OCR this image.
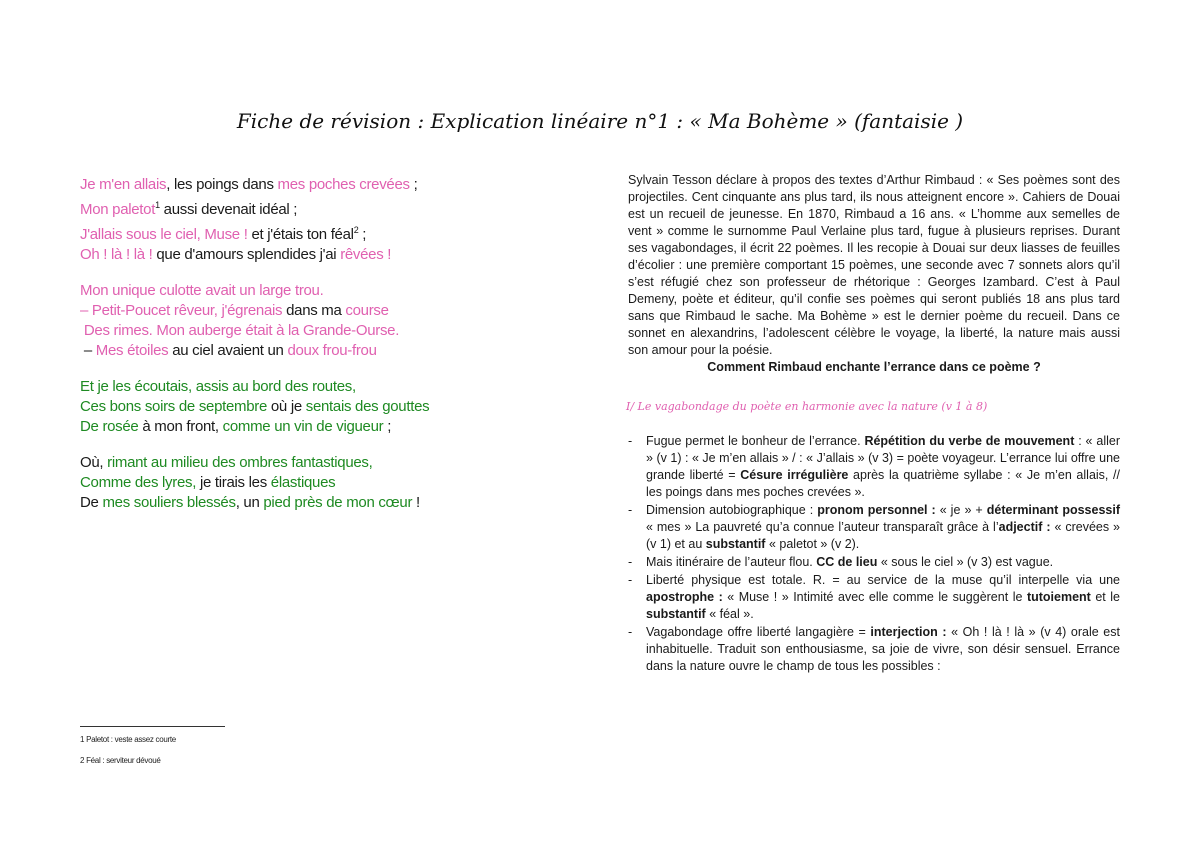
Fiche de révision : Explication linéaire n°1 : « Ma Bohème » (fantaisie )
Je m'en allais, les poings dans mes poches crevées ;
Mon paletot$^1$ aussi devenait idéal ;
J'allais sous le ciel, Muse ! et j'étais ton féal$^2$ ;
Oh ! là ! là ! que d'amours splendides j'ai rêvées !
Mon unique culotte avait un large trou.
– Petit-Poucet rêveur, j'égrenais dans ma course
Des rimes. Mon auberge était à la Grande-Ourse.
– Mes étoiles au ciel avaient un doux frou-frou
Et je les écoutais, assis au bord des routes,
Ces bons soirs de septembre où je sentais des gouttes
De rosée à mon front, comme un vin de vigueur ;
Où, rimant au milieu des ombres fantastiques,
Comme des lyres, je tirais les élastiques
De mes souliers blessés, un pied près de mon cœur !
1 Paletot : veste assez courte
2 Féal : serviteur dévoué

Sylvain Tesson déclare à propos des textes d’Arthur Rimbaud : « Ses poèmes sont des projectiles. Cent cinquante ans plus tard, ils nous atteignent encore ». Cahiers de Douai est un recueil de jeunesse. En 1870, Rimbaud a 16 ans. « L’homme aux semelles de vent » comme le surnomme Paul Verlaine plus tard, fugue à plusieurs reprises. Durant ses vagabondages, il écrit 22 poèmes. Il les recopie à Douai sur deux liasses de feuilles d’écolier : une première comportant 15 poèmes, une seconde avec 7 sonnets alors qu’il s’est réfugié chez son professeur de rhétorique : Georges Izambard. C’est à Paul Demeny, poète et éditeur, qu’il confie ses poèmes qui seront publiés 18 ans plus tard sans que Rimbaud le sache. Ma Bohème » est le dernier poème du recueil. Dans ce sonnet en alexandrins, l’adolescent célèbre le voyage, la liberté, la nature mais aussi son amour pour la poésie.

Comment Rimbaud enchante l’errance dans ce poème ?

I/ Le vagabondage du poète en harmonie avec la nature (v 1 à 8)
- Fugue permet le bonheur de l’errance. Répétition du verbe de mouvement : « aller » (v 1) : « Je m’en allais » / : « J’allais » (v 3) = poète voyageur. L’errance lui offre une grande liberté = Césure irrégulière après la quatrième syllabe : « Je m’en allais, // les poings dans mes poches crevées ».
- Dimension autobiographique : pronom personnel : « je » + déterminant possessif « mes » La pauvreté qu’a connue l’auteur transparaît grâce à l’adjectif : « crevées » (v 1) et au substantif « paletot » (v 2).
- Mais itinéraire de l’auteur flou. CC de lieu « sous le ciel » (v 3) est vague.
- Liberté physique est totale. R. = au service de la muse qu’il interpelle via une apostrophe : « Muse ! » Intimité avec elle comme le suggèrent le tutoiement et le substantif « féal ».
- Vagabondage offre liberté langagière = interjection : « Oh ! là ! là » (v 4) orale est inhabituelle. Traduit son enthousiasme, sa joie de vivre, son désir sensuel. Errance dans la nature ouvre le champ de tous les possibles :
